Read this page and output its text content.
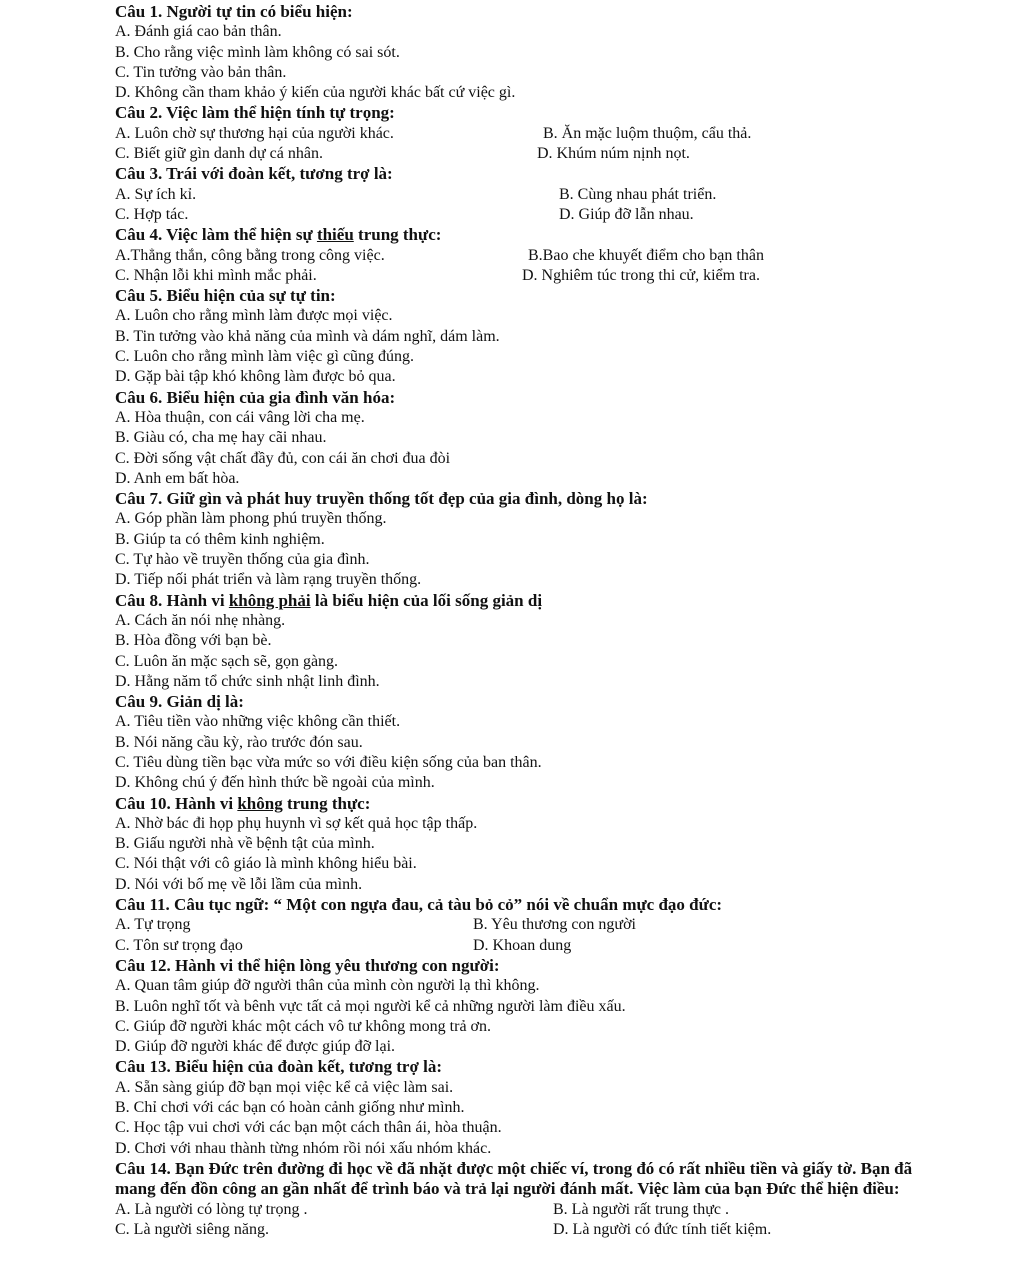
Câu 1. Người tự tin có biểu hiện:
A. Đánh giá cao bản thân.
B. Cho rằng việc mình làm không có sai sót.
C. Tin tưởng vào bản thân.
D. Không cần tham khảo ý kiến của người khác bất cứ việc gì.
Câu 2. Việc làm thể hiện tính tự trọng:
A. Luôn chờ sự thương hại của người khác.	B. Ăn mặc luộm thuộm, cẩu thả.
C. Biết giữ gìn danh dự cá nhân.	D. Khúm núm nịnh nọt.
Câu 3. Trái với đoàn kết, tương trợ là:
A. Sự ích kỉ.	B. Cùng nhau phát triển.
C. Hợp tác.	D. Giúp đỡ lẫn nhau.
Câu 4. Việc làm thể hiện sự thiếu trung thực:
A.Thẳng thắn, công bằng trong công việc.	B.Bao che khuyết điểm cho bạn thân
C. Nhận lỗi khi mình mắc phải.	D. Nghiêm túc trong thi cử, kiểm tra.
Câu 5. Biểu hiện của sự tự tin:
A. Luôn cho rằng mình làm được mọi việc.
B. Tin tưởng vào khả năng của mình và dám nghĩ, dám làm.
C. Luôn cho rằng mình làm việc gì cũng đúng.
D. Gặp bài tập khó không làm được bỏ qua.
Câu 6. Biểu hiện của gia đình văn hóa:
A. Hòa thuận, con cái vâng lời cha mẹ.
B. Giàu có, cha mẹ hay cãi nhau.
C. Đời sống vật chất đầy đủ, con cái ăn chơi đua đòi
D. Anh em bất hòa.
Câu 7. Giữ gìn và phát huy truyền thống tốt đẹp của gia đình, dòng họ là:
A. Góp phần làm phong phú truyền thống.
B. Giúp ta có thêm kinh nghiệm.
C. Tự hào về truyền thống của gia đình.
D. Tiếp nối phát triển và làm rạng truyền thống.
Câu 8. Hành vi không phải là biểu hiện của lối sống giản dị
A. Cách ăn nói nhẹ nhàng.
B. Hòa đồng với bạn bè.
C. Luôn ăn mặc sạch sẽ, gọn gàng.
D. Hằng năm tổ chức sinh nhật linh đình.
Câu 9. Giản dị là:
A. Tiêu tiền vào những việc không cần thiết.
B. Nói năng cầu kỳ, rào trước đón sau.
C. Tiêu dùng tiền bạc vừa mức so với điều kiện sống của ban thân.
D. Không chú ý đến hình thức bề ngoài của mình.
Câu 10. Hành vi không trung thực:
A. Nhờ bác đi họp phụ huynh vì sợ kết quả học tập thấp.
B. Giấu người nhà về bệnh tật của mình.
C. Nói thật với cô giáo là mình không hiểu bài.
D. Nói với bố mẹ về lỗi lầm của mình.
Câu 11. Câu tục ngữ: “ Một con ngựa đau, cả tàu bỏ cỏ” nói về chuẩn mực đạo đức:
A. Tự trọng	B. Yêu thương con người
C. Tôn sư trọng đạo	D. Khoan dung
Câu 12. Hành vi thể hiện lòng yêu thương con người:
A. Quan tâm giúp đỡ người thân của mình còn người lạ thì không.
B. Luôn nghĩ tốt và bênh vực tất cả mọi người kể cả những người làm điều xấu.
C. Giúp đỡ người khác một cách vô tư không mong trả ơn.
D. Giúp đỡ người khác để được giúp đỡ lại.
Câu 13. Biểu hiện của đoàn kết, tương trợ là:
A. Sẵn sàng giúp đỡ bạn mọi việc kể cả việc làm sai.
B. Chỉ chơi với các bạn có hoàn cảnh giống như mình.
C. Học tập vui chơi với các bạn một cách thân ái, hòa thuận.
D. Chơi với nhau thành từng nhóm rồi nói xấu nhóm khác.
Câu 14. Bạn Đức trên đường đi học về đã nhặt được một chiếc ví, trong đó có rất nhiều tiền và giấy tờ. Bạn đã mang đến đồn công an gần nhất để trình báo và trả lại người đánh mất. Việc làm của bạn Đức thể hiện điều:
A. Là người có lòng tự trọng .	B. Là người rất trung thực .
C. Là người siêng năng.	D. Là người có đức tính tiết kiệm.
